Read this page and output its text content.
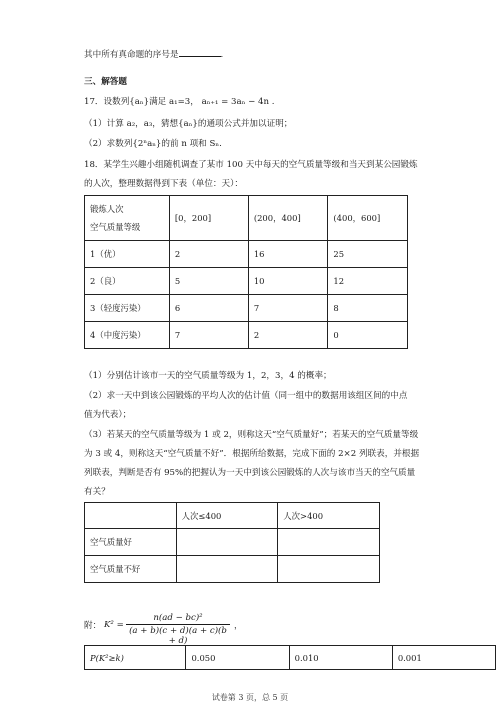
其中所有真命题的序号是	.
三、解答题
17．设数列{aₙ}满足 a₁=3， aₙ₊₁ = 3aₙ − 4n .
（1）计算 a₂，a₃，猜想{aₙ}的通项公式并加以证明；
（2）求数列{2ⁿaₙ}的前 n 项和 Sₙ.
18．某学生兴趣小组随机调查了某市 100 天中每天的空气质量等级和当天到某公园锻炼
的人次，整理数据得到下表（单位：天）：
锻炼人次
空气质量等级	[0，200]	(200，400]	(400，600]
1（优）	2	16	25
2（良）	5	10	12
3（轻度污染）	6	7	8
4（中度污染）	7	2	0
（1）分别估计该市一天的空气质量等级为 1，2，3，4 的概率；
（2）求一天中到该公园锻炼的平均人次的估计值（同一组中的数据用该组区间的中点
值为代表）；
（3）若某天的空气质量等级为 1 或 2，则称这天“空气质量好”；若某天的空气质量等级
为 3 或 4，则称这天“空气质量不好”．根据所给数据，完成下面的 2×2 列联表，并根据
列联表，判断是否有 95%的把握认为一天中到该公园锻炼的人次与该市当天的空气质量
有关？
	人次≤400	人次>400
空气质量好		
空气质量不好		
附： K² =
n(ad − bc)²
(a + b)(c + d)(a + c)(b + d)
，
P(K²≥k)	0.050	0.010	0.001
试卷第 3 页，总 5 页
